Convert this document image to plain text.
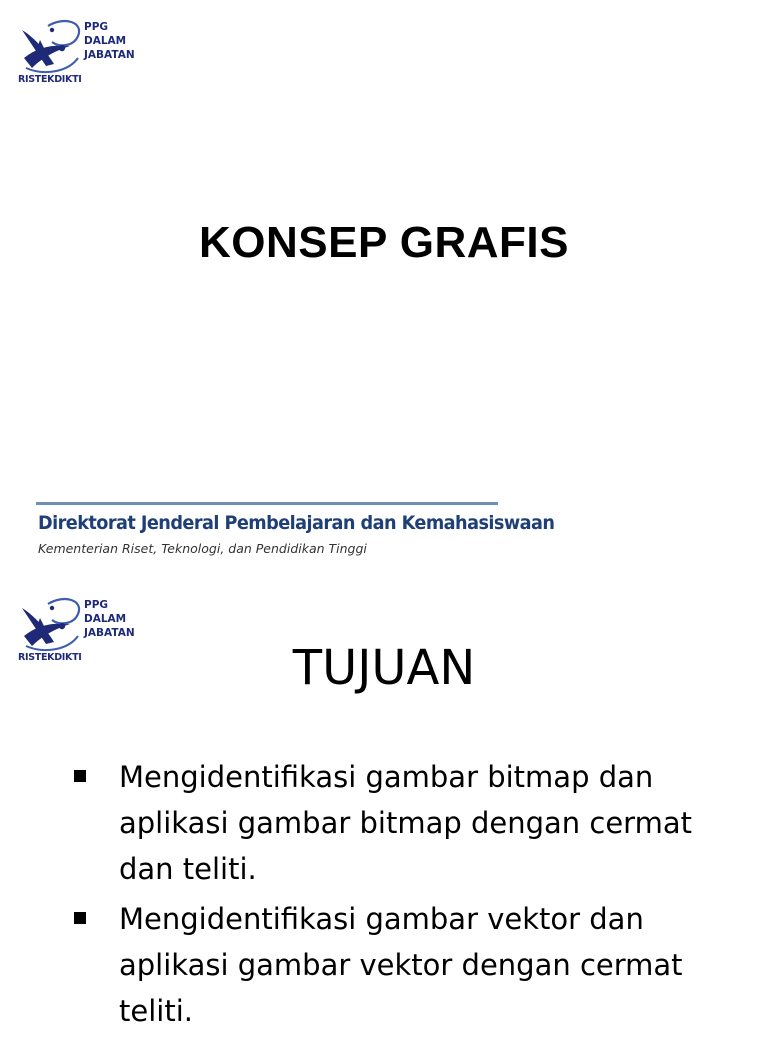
PPG
DALAM
JABATAN
RISTEKDIKTI
KONSEP GRAFIS
Direktorat Jenderal Pembelajaran dan Kemahasiswaan
Kementerian Riset, Teknologi, dan Pendidikan Tinggi
PPG
DALAM
JABATAN
RISTEKDIKTI	TUJUAN
Mengidentifikasi gambar bitmap dan aplikasi gambar bitmap dengan cermat dan teliti.
Mengidentifikasi gambar vektor dan aplikasi gambar vektor dengan cermat teliti.
